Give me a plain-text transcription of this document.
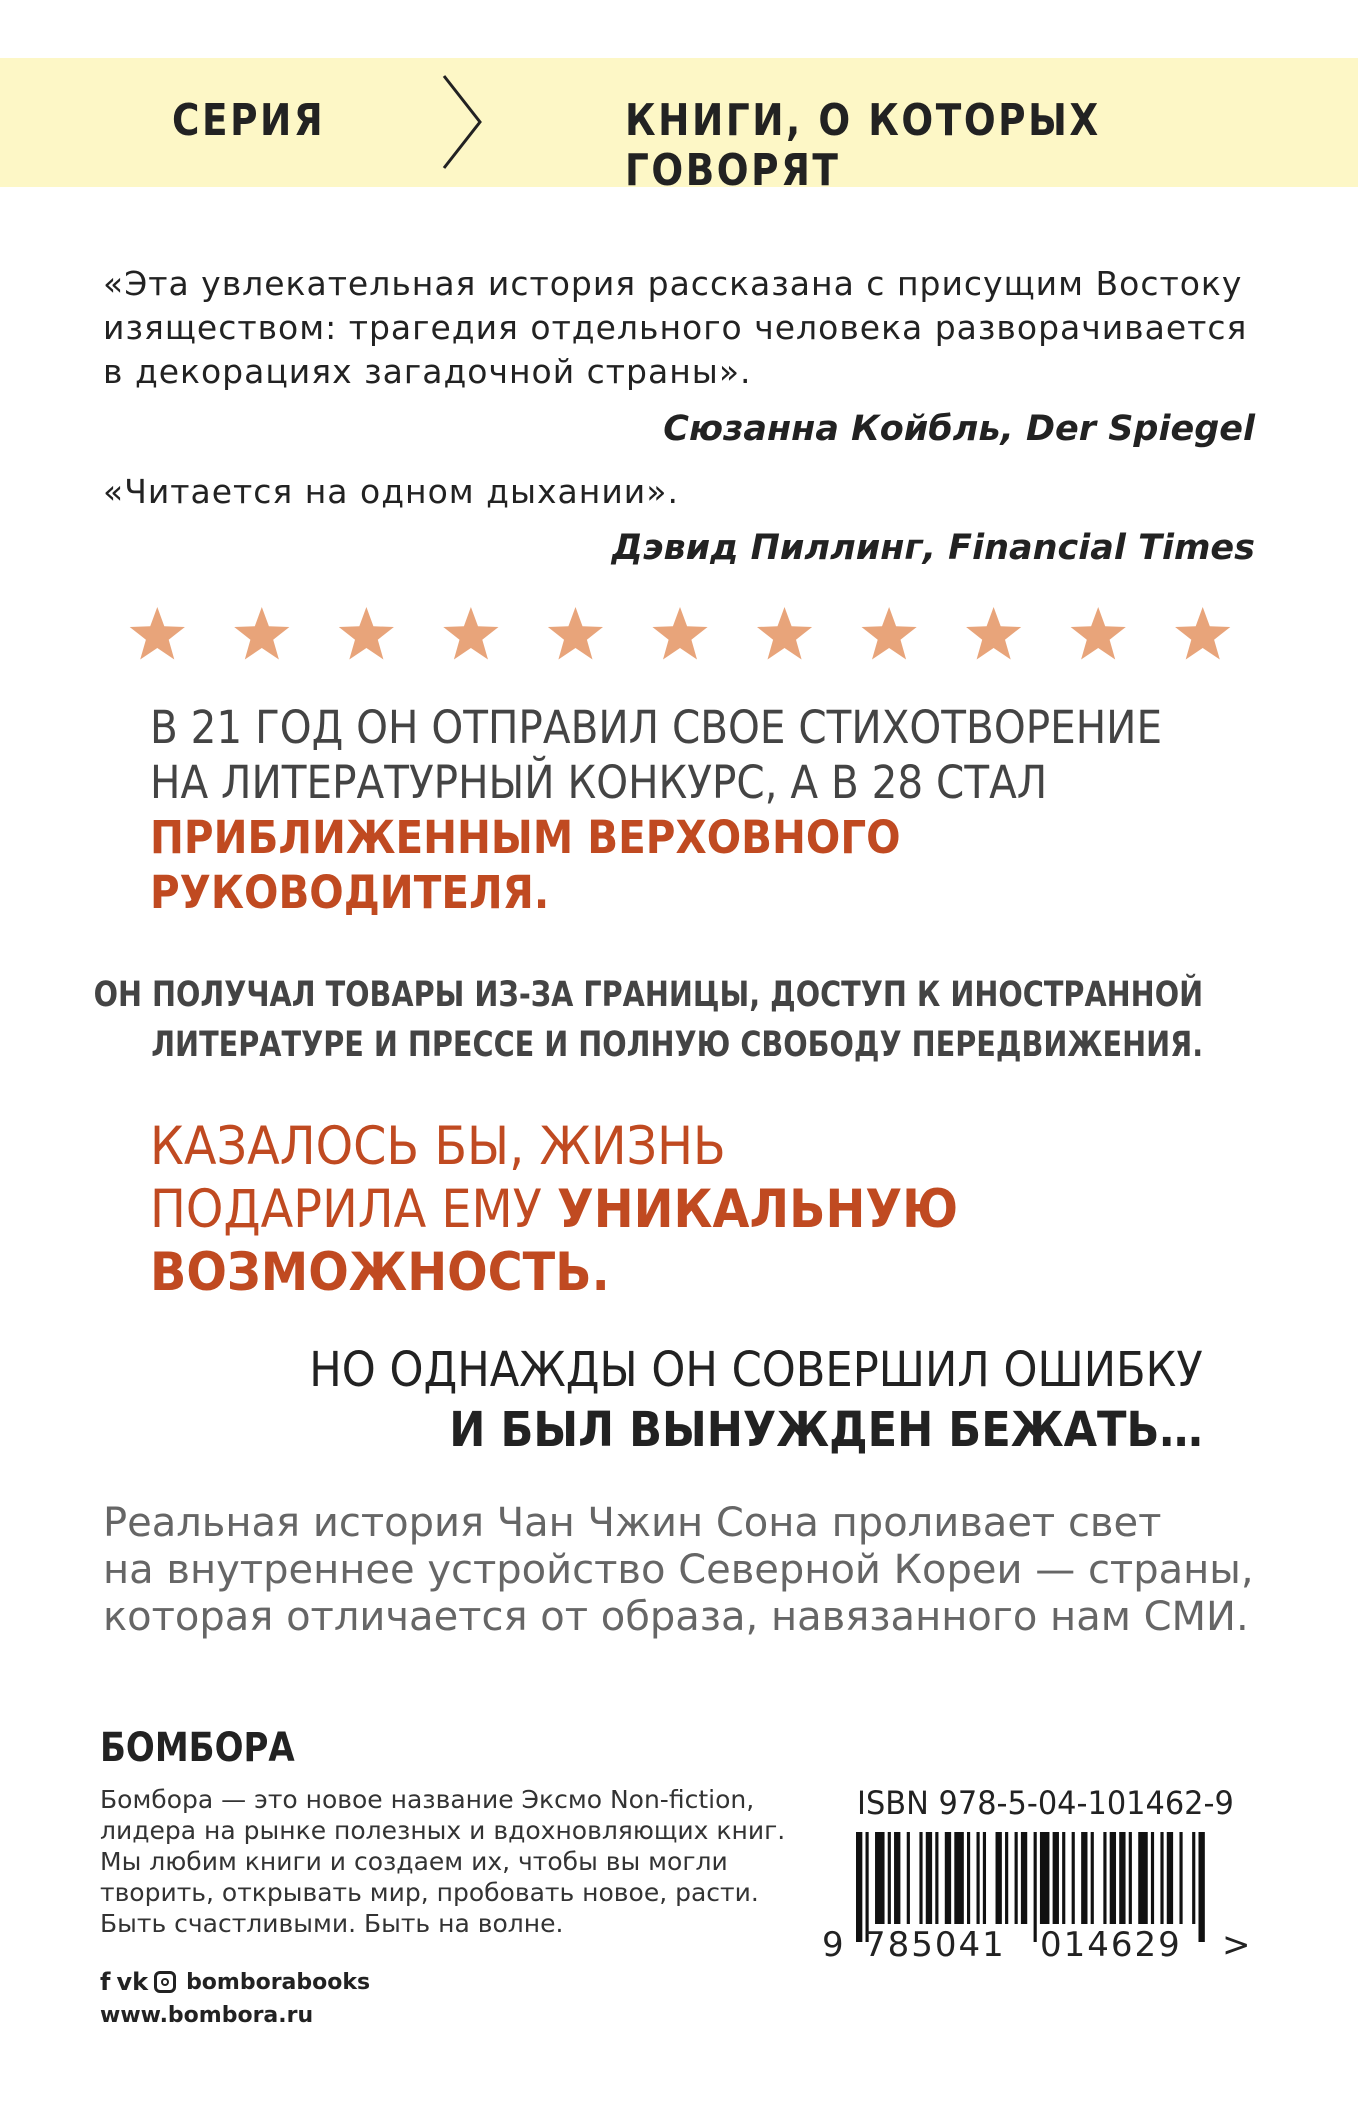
СЕРИЯ	КНИГИ, О КОТОРЫХ ГОВОРЯТ
«Эта увлекательная история рассказана с присущим Востоку
изяществом: трагедия отдельного человека разворачивается
в декорациях загадочной страны».
Сюзанна Койбль, Der Spiegel
«Читается на одном дыхании».
Дэвид Пиллинг, Financial Times
В 21 ГОД ОН ОТПРАВИЛ СВОЕ СТИХОТВОРЕНИЕ
НА ЛИТЕРАТУРНЫЙ КОНКУРС, А В 28 СТАЛ
ПРИБЛИЖЕННЫМ ВЕРХОВНОГО
РУКОВОДИТЕЛЯ.
ОН ПОЛУЧАЛ ТОВАРЫ ИЗ-ЗА ГРАНИЦЫ, ДОСТУП К ИНОСТРАННОЙ
ЛИТЕРАТУРЕ И ПРЕССЕ И ПОЛНУЮ СВОБОДУ ПЕРЕДВИЖЕНИЯ.
КАЗАЛОСЬ БЫ, ЖИЗНЬ
ПОДАРИЛА ЕМУ УНИКАЛЬНУЮ
ВОЗМОЖНОСТЬ.
НО ОДНАЖДЫ ОН СОВЕРШИЛ ОШИБКУ
И БЫЛ ВЫНУЖДЕН БЕЖАТЬ…
Реальная история Чан Чжин Сона проливает свет
на внутреннее устройство Северной Кореи — страны,
которая отличается от образа, навязанного нам СМИ.
БОМБОРА
Бомбора — это новое название Эксмо Non-fiction,
лидера на рынке полезных и вдохновляющих книг.
Мы любим книги и создаем их, чтобы вы могли
творить, открывать мир, пробовать новое, расти.
Быть счастливыми. Быть на волне.
f vk bomborabooks
www.bombora.ru
ISBN 978-5-04-101462-9
9 785041 014629 >
